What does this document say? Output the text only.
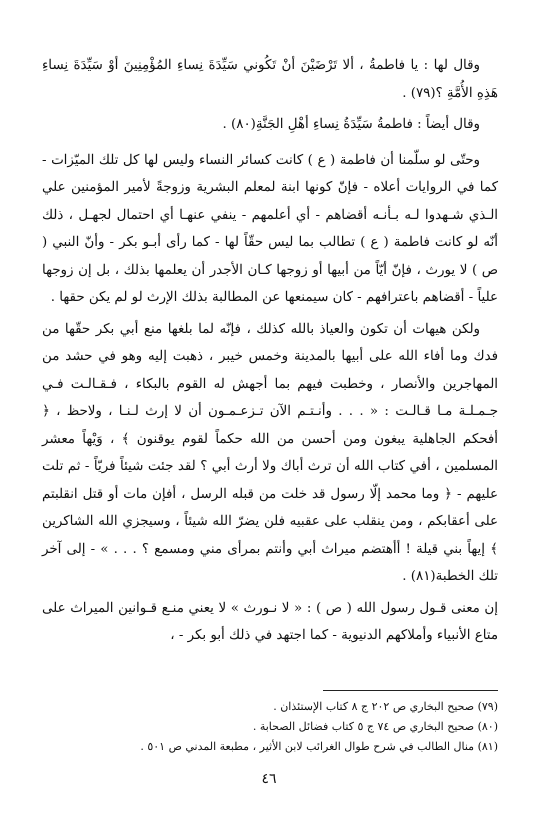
وقال لها : يا فاطمةُ ، ألا تَرْضَيْنَ أنْ تَكُوني سَيِّدَةَ نِساءِ المُؤْمِنِينَ أوْ سَيِّدَةَ نِساءِ هَذِهِ الأُمَّةِ ؟(٧٩) .

وقال أيضاً : فاطمةُ سَيِّدَةُ نِساءِ أهْلِ الجَنَّةِ(٨٠) .

وحتّى لو سلّمنا أن فاطمة ( ع ) كانت كسائر النساء وليس لها كل تلك الميّزات - كما في الروايات أعلاه - فإنّ كونها ابنة لمعلم البشرية وزوجةً لأمير المؤمنين علي الـذي شـهدوا لـه بـأنـه أقضاهم - أي أعلمهم - ينفي عنهـا أي احتمال لجهـل ، ذلك أنّه لو كانت فاطمة ( ع ) تطالب بما ليس حقّاً لها - كما رأى أبـو بكر - وأنّ النبي ( ص ) لا يورث ، فإنّ أيّاً من أبيها أو زوجها كـان الأجدر أن يعلمها بذلك ، بل إن زوجها علياً - أقضاهم باعترافهم - كان سيمنعها عن المطالبة بذلك الإرث لو لم يكن حقها .

ولكن هيهات أن تكون والعياذ بالله كذلك ، فإنّه لما بلغها منع أبي بكر حقّها من فدك وما أفاء الله على أبيها بالمدينة وخمس خيبر ، ذهبت إليه وهو في حشد من المهاجرين والأنصار ، وخطبت فيهم بما أجهش له القوم بالبكاء ، فـقـالـت فـي جـمـلـة مـا قـالـت : « . . . وأنـتـم الآن تـزعـمـون أن لا إرث لـنـا ، ولاحظ ، ﴿ أفحكم الجاهلية يبغون ومن أحسن من الله حكماً لقوم يوقنون ﴾ ، وَيْهاً معشر المسلمين ، أفي كتاب الله أن ترث أباك ولا أرث أبي ؟ لقد جئت شيئاً فريّاً - ثم تلت عليهم - ﴿ وما محمد إلّا رسول قد خلت من قبله الرسل ، أفإن مات أو قتل انقلبتم على أعقابكم ، ومن ينقلب على عقبيه فلن يضرّ الله شيئاً ، وسيجزي الله الشاكرين ﴾ إيهاً بني قيلة ! أأهتضم ميراث أبي وأنتم بمرأى مني ومسمع ؟ . . . » - إلى آخر تلك الخطبة(٨١) .

إن معنى قـول رسول الله ( ص ) : « لا نـورث » لا يعني منـع قـوانين الميراث على متاع الأنبياء وأملاكهم الدنيوية - كما اجتهد في ذلك أبو بكر - ،

(٧٩) صحيح البخاري ص ٢٠٢ ج ٨ كتاب الإستئذان .
(٨٠) صحيح البخاري ص ٧٤ ج ٥ كتاب فضائل الصحابة .
(٨١) منال الطالب في شرح طوال الغرائب لابن الأثير ، مطبعة المدني ص ٥٠١ .
٤٦
